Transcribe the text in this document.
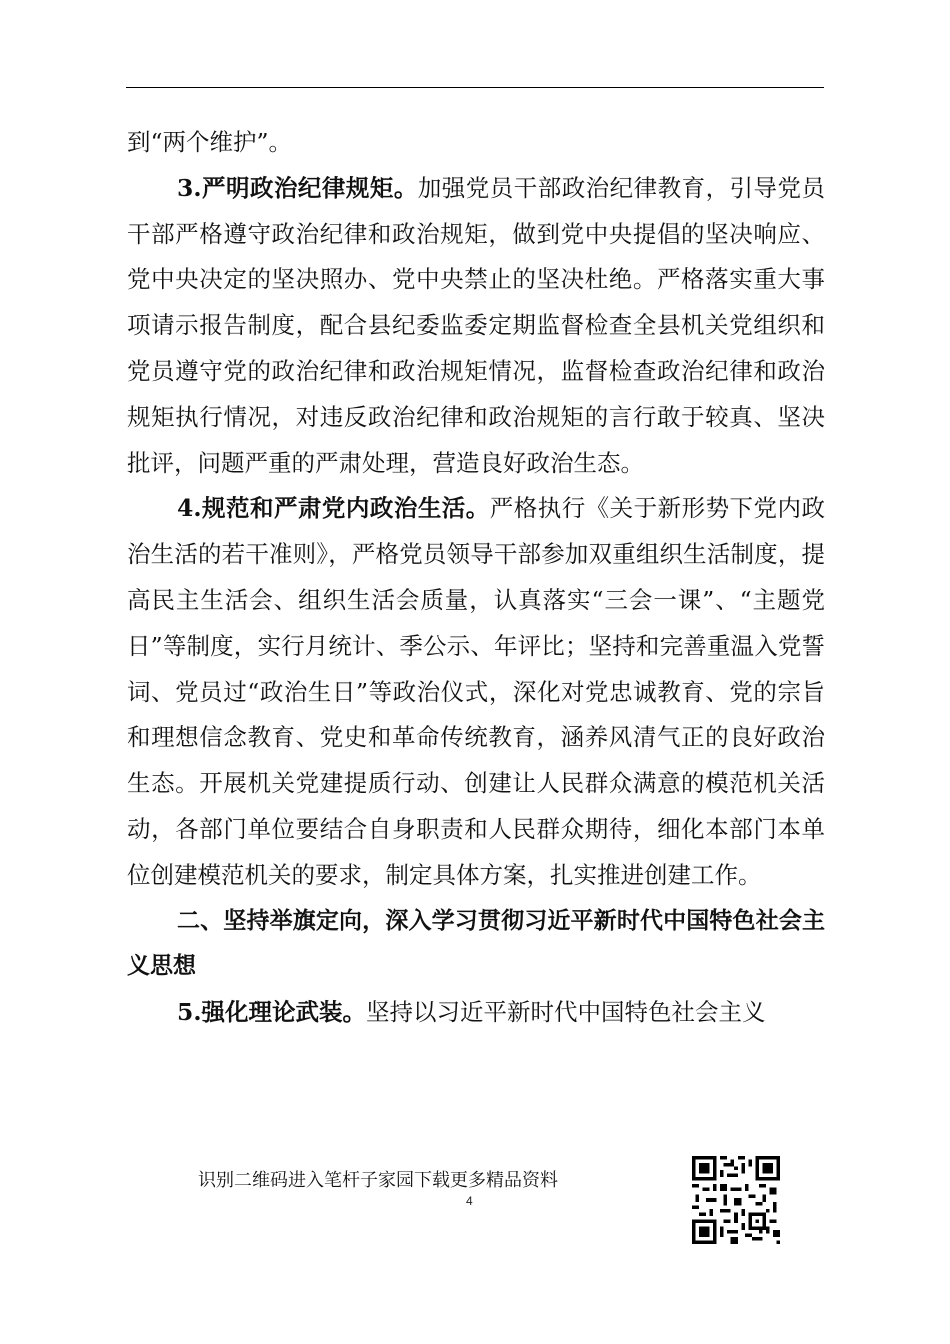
到“两个维护”。

3.严明政治纪律规矩。加强党员干部政治纪律教育，引导党员干部严格遵守政治纪律和政治规矩，做到党中央提倡的坚决响应、党中央决定的坚决照办、党中央禁止的坚决杜绝。严格落实重大事项请示报告制度，配合县纪委监委定期监督检查全县机关党组织和党员遵守党的政治纪律和政治规矩情况，监督检查政治纪律和政治规矩执行情况，对违反政治纪律和政治规矩的言行敢于较真、坚决批评，问题严重的严肃处理，营造良好政治生态。

4.规范和严肃党内政治生活。严格执行《关于新形势下党内政治生活的若干准则》，严格党员领导干部参加双重组织生活制度，提高民主生活会、组织生活会质量，认真落实“三会一课”、“主题党日”等制度，实行月统计、季公示、年评比；坚持和完善重温入党誓词、党员过“政治生日”等政治仪式，深化对党忠诚教育、党的宗旨和理想信念教育、党史和革命传统教育，涵养风清气正的良好政治生态。开展机关党建提质行动、创建让人民群众满意的模范机关活动，各部门单位要结合自身职责和人民群众期待，细化本部门本单位创建模范机关的要求，制定具体方案，扎实推进创建工作。

二、坚持举旗定向，深入学习贯彻习近平新时代中国特色社会主义思想

5.强化理论武装。坚持以习近平新时代中国特色社会主义

识别二维码进入笔杆子家园下载更多精品资料
4
